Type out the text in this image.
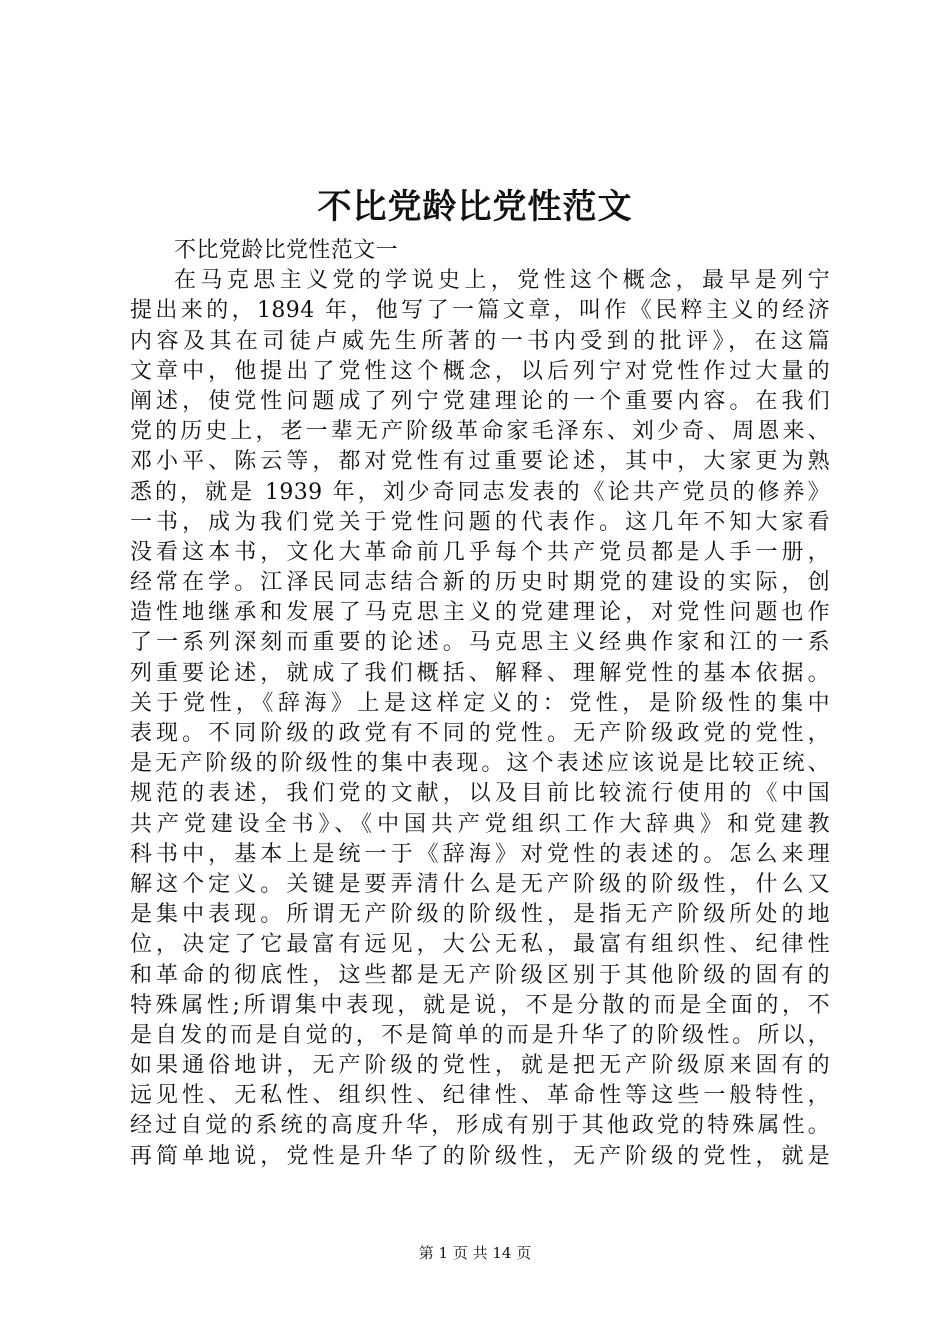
不比党龄比党性范文
不比党龄比党性范文一
在马克思主义党的学说史上，党性这个概念，最早是列宁
提出来的，1894 年，他写了一篇文章，叫作《民粹主义的经济
内容及其在司徒卢威先生所著的一书内受到的批评》，在这篇
文章中，他提出了党性这个概念，以后列宁对党性作过大量的
阐述，使党性问题成了列宁党建理论的一个重要内容。在我们
党的历史上，老一辈无产阶级革命家毛泽东、刘少奇、周恩来、
邓小平、陈云等，都对党性有过重要论述，其中，大家更为熟
悉的，就是 1939 年，刘少奇同志发表的《论共产党员的修养》
一书，成为我们党关于党性问题的代表作。这几年不知大家看
没看这本书，文化大革命前几乎每个共产党员都是人手一册，
经常在学。江泽民同志结合新的历史时期党的建设的实际，创
造性地继承和发展了马克思主义的党建理论，对党性问题也作
了一系列深刻而重要的论述。马克思主义经典作家和江的一系
列重要论述，就成了我们概括、解释、理解党性的基本依据。
关于党性，《辞海》上是这样定义的：党性，是阶级性的集中
表现。不同阶级的政党有不同的党性。无产阶级政党的党性，
是无产阶级的阶级性的集中表现。这个表述应该说是比较正统、
规范的表述，我们党的文献，以及目前比较流行使用的《中国
共产党建设全书》、《中国共产党组织工作大辞典》和党建教
科书中，基本上是统一于《辞海》对党性的表述的。怎么来理
解这个定义。关键是要弄清什么是无产阶级的阶级性，什么又
是集中表现。所谓无产阶级的阶级性，是指无产阶级所处的地
位，决定了它最富有远见，大公无私，最富有组织性、纪律性
和革命的彻底性，这些都是无产阶级区别于其他阶级的固有的
特殊属性;所谓集中表现，就是说，不是分散的而是全面的，不
是自发的而是自觉的，不是简单的而是升华了的阶级性。所以，
如果通俗地讲，无产阶级的党性，就是把无产阶级原来固有的
远见性、无私性、组织性、纪律性、革命性等这些一般特性，
经过自觉的系统的高度升华，形成有别于其他政党的特殊属性。
再简单地说，党性是升华了的阶级性，无产阶级的党性，就是
第 1 页 共 14 页
